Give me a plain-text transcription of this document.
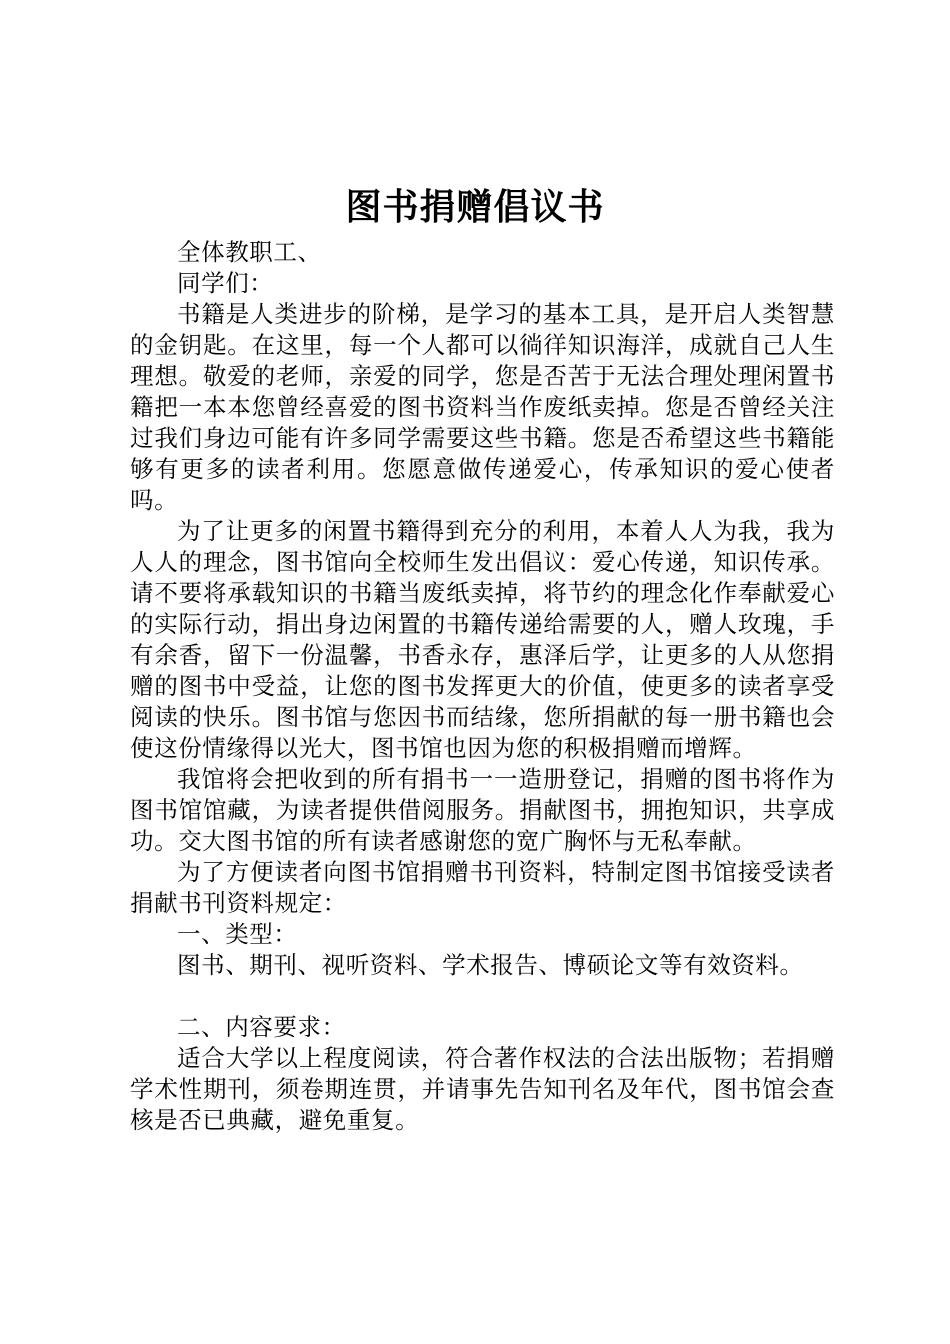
图书捐赠倡议书

全体教职工、

同学们：

书籍是人类进步的阶梯，是学习的基本工具，是开启人类智慧的金钥匙。在这里，每一个人都可以徜徉知识海洋，成就自己人生理想。敬爱的老师，亲爱的同学，您是否苦于无法合理处理闲置书籍把一本本您曾经喜爱的图书资料当作废纸卖掉。您是否曾经关注过我们身边可能有许多同学需要这些书籍。您是否希望这些书籍能够有更多的读者利用。您愿意做传递爱心，传承知识的爱心使者吗。

为了让更多的闲置书籍得到充分的利用，本着人人为我，我为人人的理念，图书馆向全校师生发出倡议：爱心传递，知识传承。请不要将承载知识的书籍当废纸卖掉，将节约的理念化作奉献爱心的实际行动，捐出身边闲置的书籍传递给需要的人，赠人玫瑰，手有余香，留下一份温馨，书香永存，惠泽后学，让更多的人从您捐赠的图书中受益，让您的图书发挥更大的价值，使更多的读者享受阅读的快乐。图书馆与您因书而结缘，您所捐献的每一册书籍也会使这份情缘得以光大，图书馆也因为您的积极捐赠而增辉。

我馆将会把收到的所有捐书一一造册登记，捐赠的图书将作为图书馆馆藏，为读者提供借阅服务。捐献图书，拥抱知识，共享成功。交大图书馆的所有读者感谢您的宽广胸怀与无私奉献。

为了方便读者向图书馆捐赠书刊资料，特制定图书馆接受读者捐献书刊资料规定：

一、类型：

图书、期刊、视听资料、学术报告、博硕论文等有效资料。

二、内容要求：

适合大学以上程度阅读，符合著作权法的合法出版物；若捐赠学术性期刊，须卷期连贯，并请事先告知刊名及年代，图书馆会查核是否已典藏，避免重复。
